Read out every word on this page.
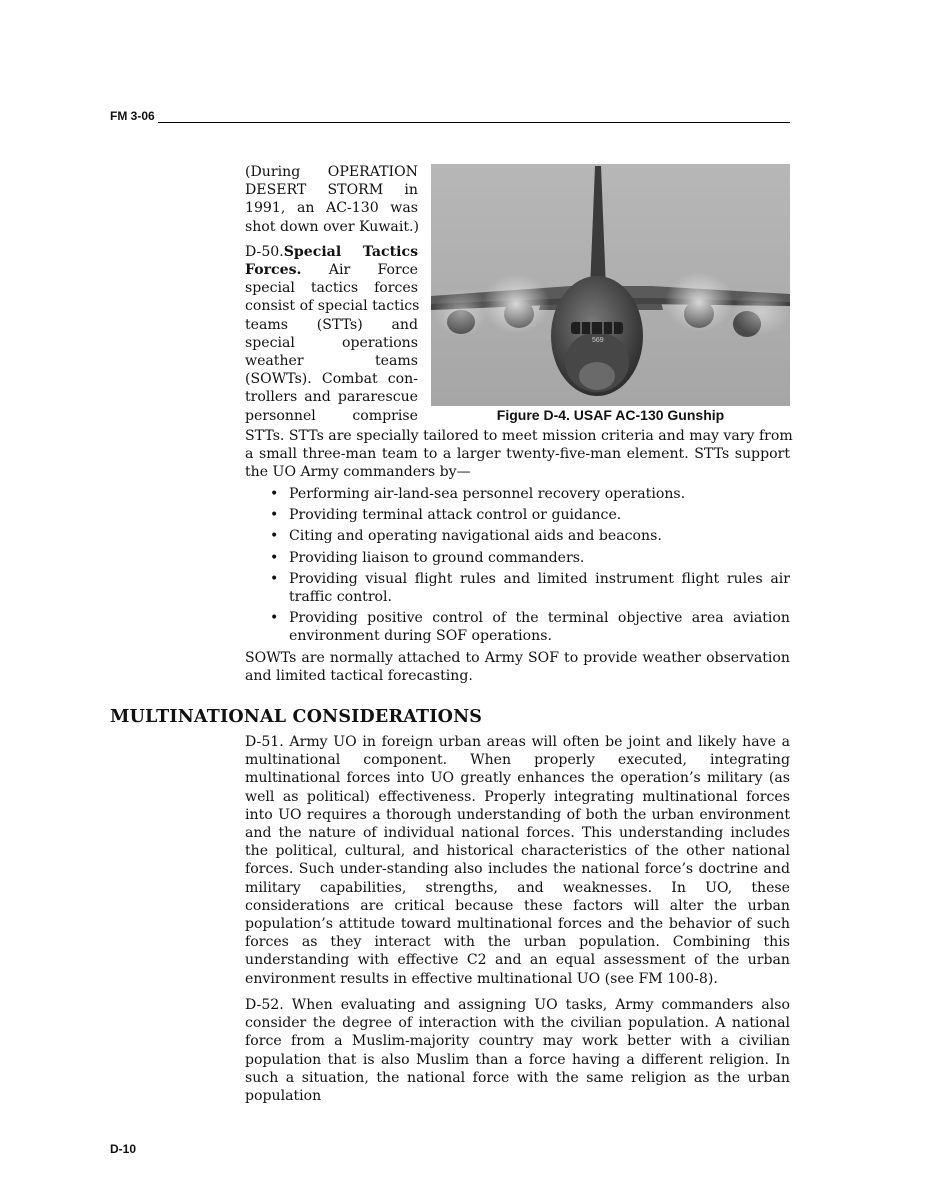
FM 3-06
(During OPERATION
DESERT STORM in
1991, an AC-130 was
shot down over Kuwait.)
D-50.Special Tactics
Forces. Air Force
special tactics forces
consist of special tactics
teams (STTs) and
special operations
weather teams
(SOWTs). Combat con-
trollers and pararescue
personnel comprise
569
Figure D-4. USAF AC-130 Gunship
STTs. STTs are specially tailored to meet mission criteria and may vary from
a small three-man team to a larger twenty-five-man element. STTs support
the UO Army commanders by—
• Performing air-land-sea personnel recovery operations.
• Providing terminal attack control or guidance.
• Citing and operating navigational aids and beacons.
• Providing liaison to ground commanders.
• Providing visual flight rules and limited instrument flight rules air traffic control.
• Providing positive control of the terminal objective area aviation environment during SOF operations.
SOWTs are normally attached to Army SOF to provide weather observation and limited tactical forecasting.
MULTINATIONAL CONSIDERATIONS
D-51. Army UO in foreign urban areas will often be joint and likely have a multinational component. When properly executed, integrating multinational forces into UO greatly enhances the operation’s military (as well as political) effectiveness. Properly integrating multinational forces into UO requires a thorough understanding of both the urban environment and the nature of individual national forces. This understanding includes the political, cultural, and historical characteristics of the other national forces. Such under-standing also includes the national force’s doctrine and military capabilities, strengths, and weaknesses. In UO, these considerations are critical because these factors will alter the urban population’s attitude toward multinational forces and the behavior of such forces as they interact with the urban population. Combining this understanding with effective C2 and an equal assessment of the urban environment results in effective multinational UO (see FM 100-8).
D-52. When evaluating and assigning UO tasks, Army commanders also consider the degree of interaction with the civilian population. A national force from a Muslim-majority country may work better with a civilian population that is also Muslim than a force having a different religion. In such a situation, the national force with the same religion as the urban population
D-10
